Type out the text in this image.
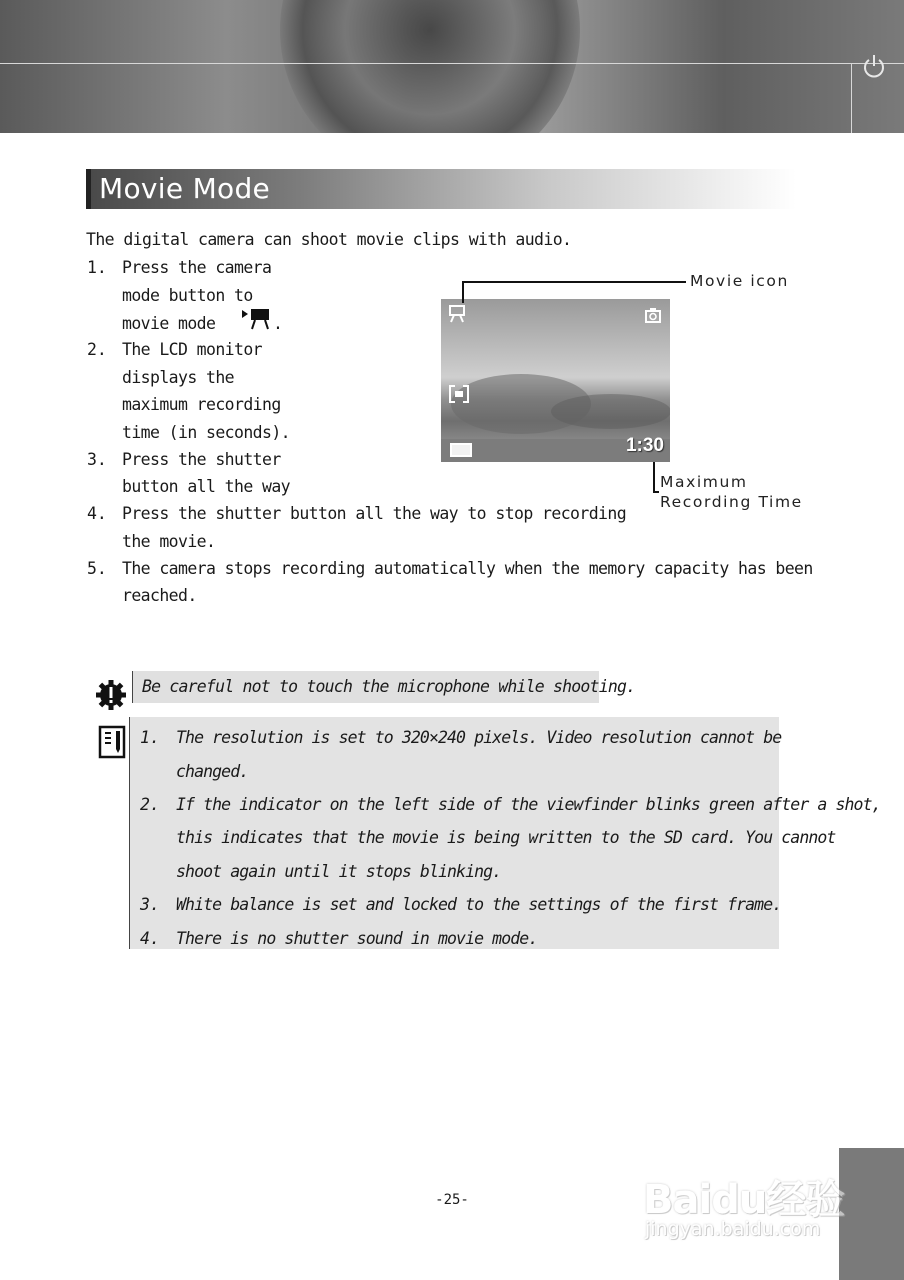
Movie Mode
The digital camera can shoot movie clips with audio.
1. Press the camera
mode button to
movie mode	.
2. The LCD monitor
displays the
maximum recording
time (in seconds).
3. Press the shutter
button all the way
4. Press the shutter button all the way to stop recording
the movie.
5. The camera stops recording automatically when the memory capacity has been
reached.
1:30
Movie icon
Maximum
Recording Time
Be careful not to touch the microphone while shooting.
1. The resolution is set to 320×240 pixels. Video resolution cannot be
changed.
2. If the indicator on the left side of the viewfinder blinks green after a shot,
this indicates that the movie is being written to the SD card. You cannot
shoot again until it stops blinking.
3. White balance is set and locked to the settings of the first frame.
4. There is no shutter sound in movie mode.
-25-	Baidu经验
jingyan.baidu.com
